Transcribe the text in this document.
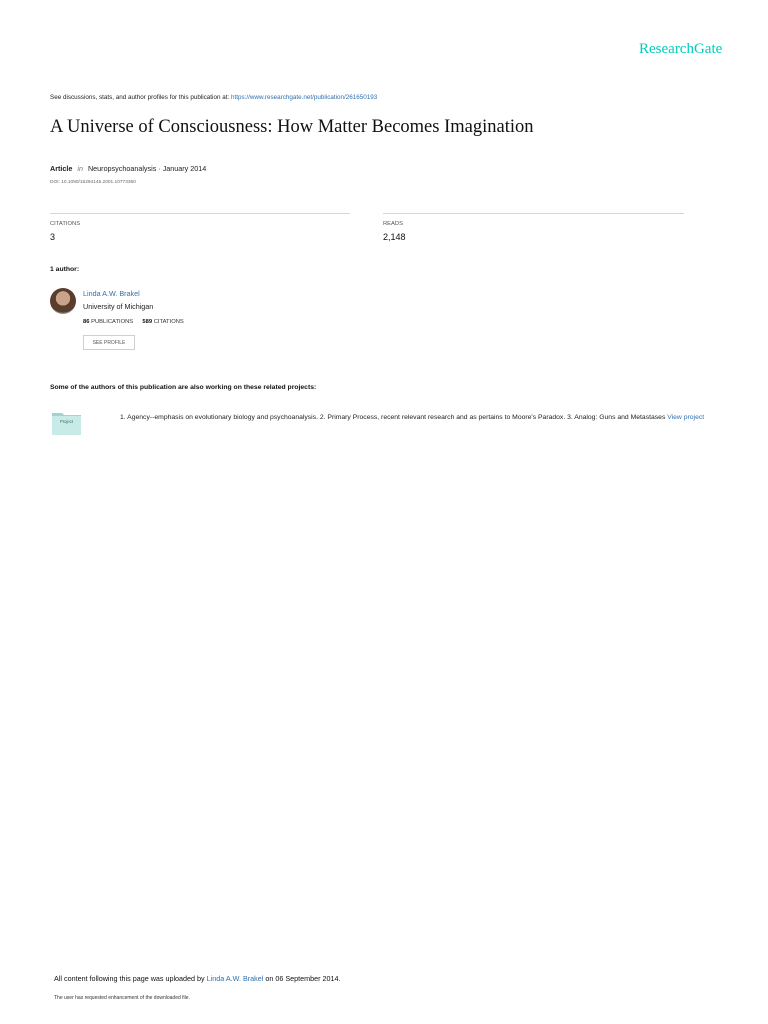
ResearchGate
See discussions, stats, and author profiles for this publication at: https://www.researchgate.net/publication/261650193
A Universe of Consciousness: How Matter Becomes Imagination
Article in Neuropsychoanalysis · January 2014
DOI: 10.1080/15294145.2001.10773360
CITATIONS
3
READS
2,148
1 author:
Linda A.W. Brakel
University of Michigan
86 PUBLICATIONS 589 CITATIONS
SEE PROFILE
Some of the authors of this publication are also working on these related projects:
Project
1. Agency--emphasis on evolutionary biology and psychoanalysis. 2. Primary Process, recent relevant research and as pertains to Moore's Paradox. 3. Analog: Guns and Metastases View project
All content following this page was uploaded by Linda A.W. Brakel on 06 September 2014.
The user has requested enhancement of the downloaded file.
